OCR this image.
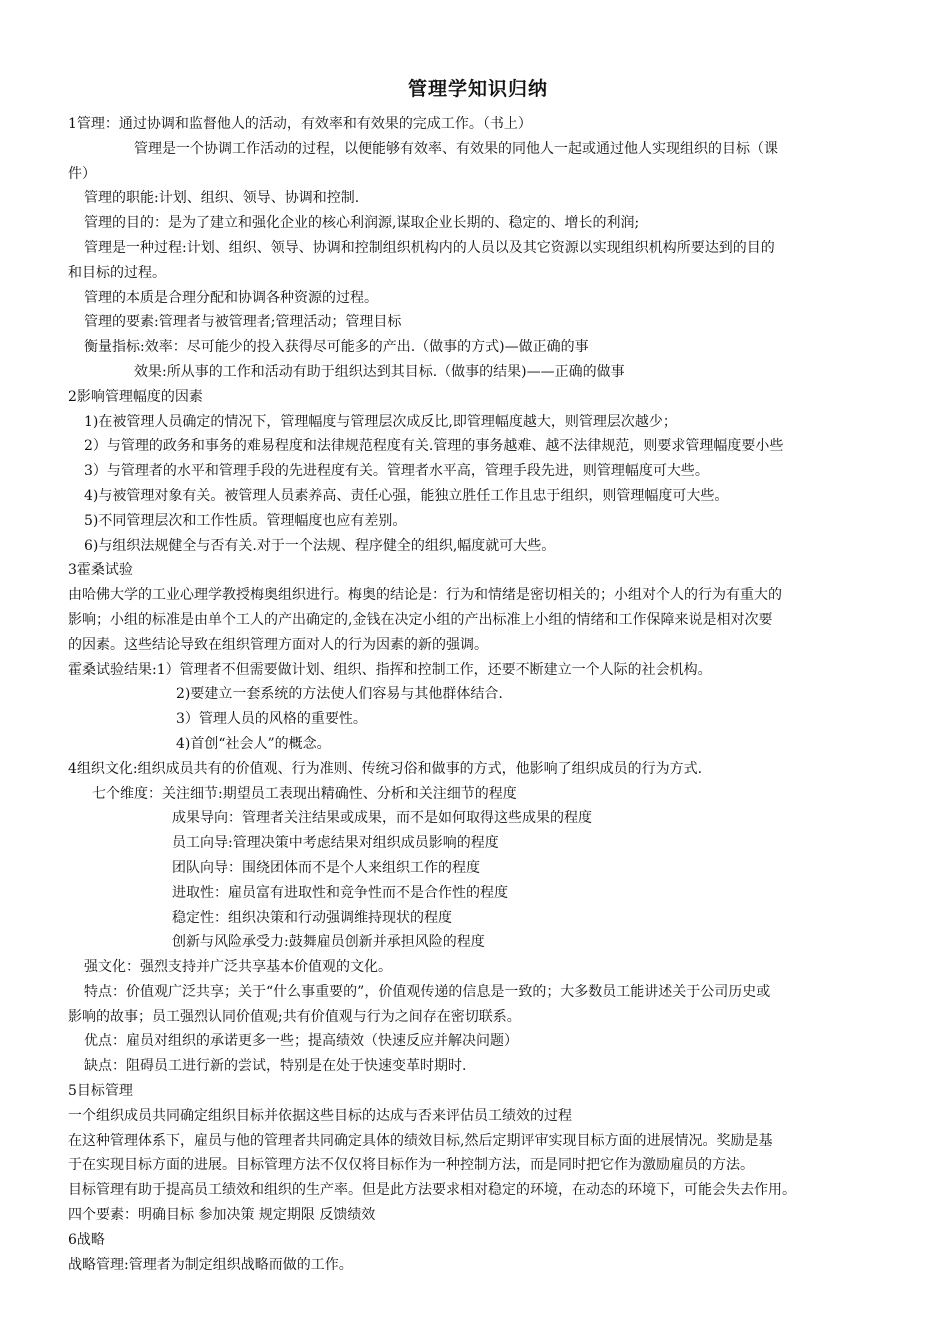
管理学知识归纳
1管理：通过协调和监督他人的活动，有效率和有效果的完成工作。（书上）
管理是一个协调工作活动的过程，以便能够有效率、有效果的同他人一起或通过他人实现组织的目标（课
件）
管理的职能:计划、组织、领导、协调和控制.
管理的目的：是为了建立和强化企业的核心利润源,谋取企业长期的、稳定的、增长的利润;
管理是一种过程:计划、组织、领导、协调和控制组织机构内的人员以及其它资源以实现组织机构所要达到的目的
和目标的过程。
管理的本质是合理分配和协调各种资源的过程。
管理的要素:管理者与被管理者;管理活动；管理目标
衡量指标:效率：尽可能少的投入获得尽可能多的产出.（做事的方式)—做正确的事
效果:所从事的工作和活动有助于组织达到其目标.（做事的结果)——正确的做事
2影响管理幅度的因素
1)在被管理人员确定的情况下，管理幅度与管理层次成反比,即管理幅度越大，则管理层次越少；
2）与管理的政务和事务的难易程度和法律规范程度有关.管理的事务越难、越不法律规范，则要求管理幅度要小些
3）与管理者的水平和管理手段的先进程度有关。管理者水平高，管理手段先进，则管理幅度可大些。
4)与被管理对象有关。被管理人员素养高、责任心强，能独立胜任工作且忠于组织，则管理幅度可大些。
5)不同管理层次和工作性质。管理幅度也应有差别。
6)与组织法规健全与否有关.对于一个法规、程序健全的组织,幅度就可大些。
3霍桑试验
由哈佛大学的工业心理学教授梅奥组织进行。梅奥的结论是：行为和情绪是密切相关的；小组对个人的行为有重大的
影响；小组的标准是由单个工人的产出确定的,金钱在决定小组的产出标准上小组的情绪和工作保障来说是相对次要
的因素。这些结论导致在组织管理方面对人的行为因素的新的强调。
霍桑试验结果:1）管理者不但需要做计划、组织、指挥和控制工作，还要不断建立一个人际的社会机构。
2)要建立一套系统的方法使人们容易与其他群体结合.
3）管理人员的风格的重要性。
4)首创“社会人”的概念。
4组织文化:组织成员共有的价值观、行为准则、传统习俗和做事的方式，他影响了组织成员的行为方式.
七个维度：关注细节:期望员工表现出精确性、分析和关注细节的程度
成果导向：管理者关注结果或成果，而不是如何取得这些成果的程度
员工向导:管理决策中考虑结果对组织成员影响的程度
团队向导：围绕团体而不是个人来组织工作的程度
进取性：雇员富有进取性和竞争性而不是合作性的程度
稳定性：组织决策和行动强调维持现状的程度
创新与风险承受力:鼓舞雇员创新并承担风险的程度
强文化：强烈支持并广泛共享基本价值观的文化。
特点：价值观广泛共享；关于“什么事重要的”，价值观传递的信息是一致的；大多数员工能讲述关于公司历史或
影响的故事；员工强烈认同价值观;共有价值观与行为之间存在密切联系。
优点：雇员对组织的承诺更多一些；提高绩效（快速反应并解决问题）
缺点：阻碍员工进行新的尝试，特别是在处于快速变革时期时.
5目标管理
一个组织成员共同确定组织目标并依据这些目标的达成与否来评估员工绩效的过程
在这种管理体系下，雇员与他的管理者共同确定具体的绩效目标,然后定期评审实现目标方面的进展情况。奖励是基
于在实现目标方面的进展。目标管理方法不仅仅将目标作为一种控制方法，而是同时把它作为激励雇员的方法。
目标管理有助于提高员工绩效和组织的生产率。但是此方法要求相对稳定的环境，在动态的环境下，可能会失去作用。
四个要素：明确目标 参加决策 规定期限 反馈绩效
6战略
战略管理:管理者为制定组织战略而做的工作。
